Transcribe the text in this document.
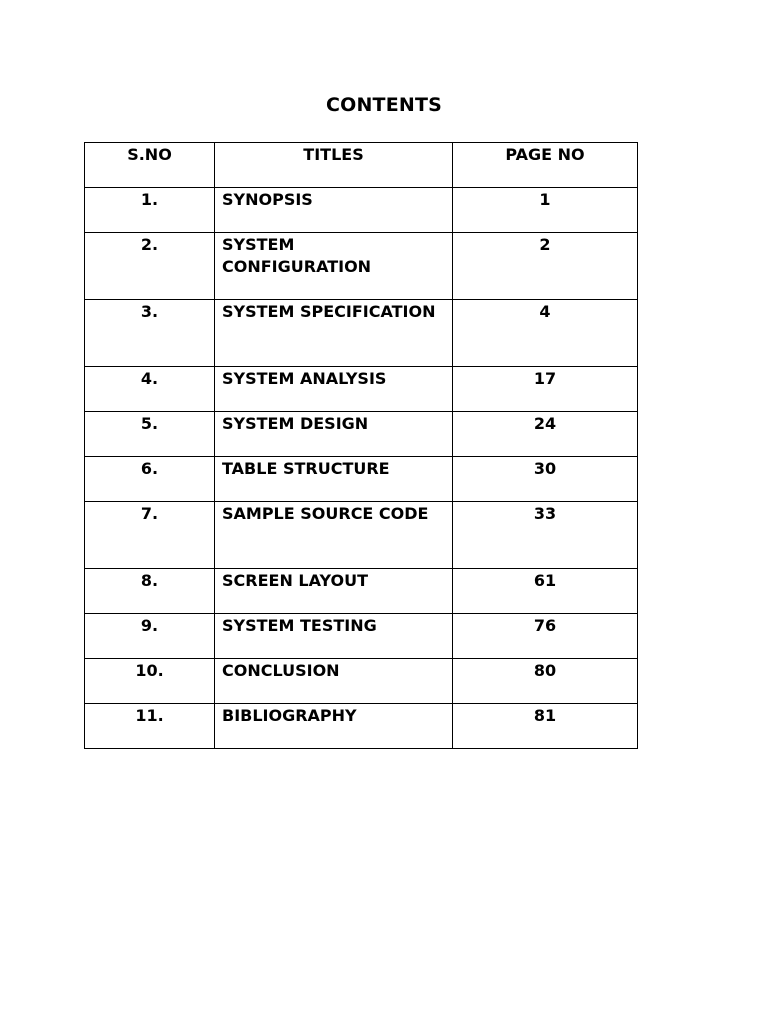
CONTENTS
S.NO	TITLES	PAGE NO
1.	SYNOPSIS	1
2.	SYSTEM CONFIGURATION	2
3.	SYSTEM SPECIFICATION	4
4.	SYSTEM ANALYSIS	17
5.	SYSTEM DESIGN	24
6.	TABLE STRUCTURE	30
7.	SAMPLE SOURCE CODE	33
8.	SCREEN LAYOUT	61
9.	SYSTEM TESTING	76
10.	CONCLUSION	80
11.	BIBLIOGRAPHY	81
